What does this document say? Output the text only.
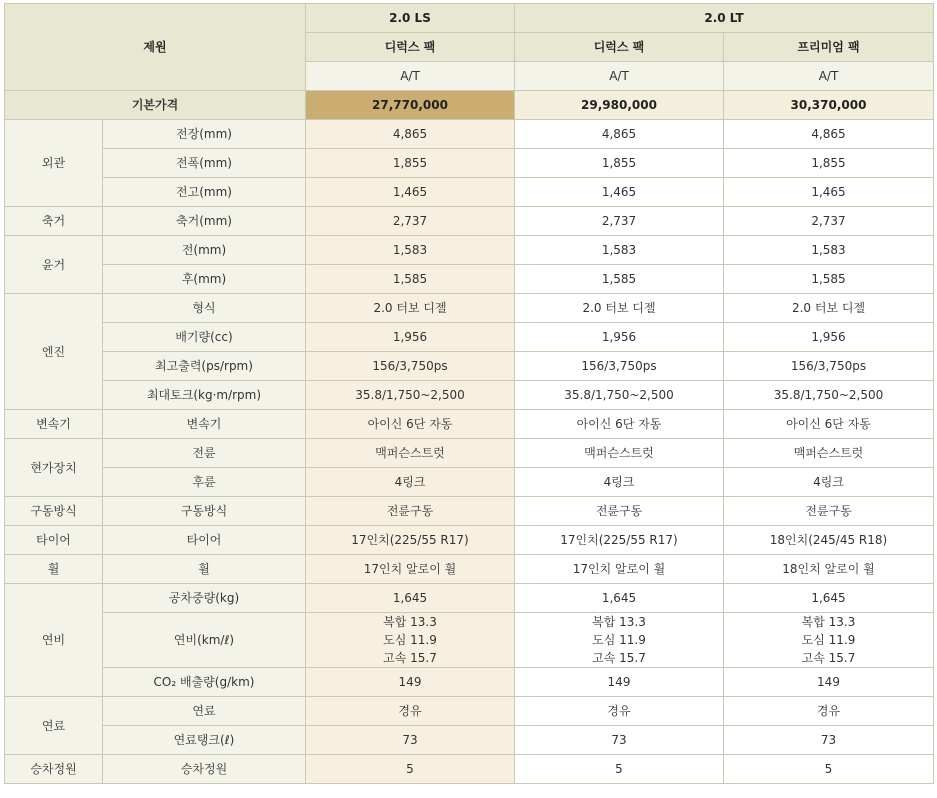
제원		2.0 LS	2.0 LT	
		디럭스 팩	디럭스 팩	프리미엄 팩
		A/T	A/T	A/T
기본가격		27,770,000	29,980,000	30,370,000
외관	전장(mm)	4,865	4,865	4,865
	전폭(mm)	1,855	1,855	1,855
	전고(mm)	1,465	1,465	1,465
축거	축거(mm)	2,737	2,737	2,737
윤거	전(mm)	1,583	1,583	1,583
	후(mm)	1,585	1,585	1,585
엔진	형식	2.0 터보 디젤	2.0 터보 디젤	2.0 터보 디젤
	배기량(cc)	1,956	1,956	1,956
	최고출력(ps/rpm)	156/3,750ps	156/3,750ps	156/3,750ps
	최대토크(kg·m/rpm)	35.8/1,750~2,500	35.8/1,750~2,500	35.8/1,750~2,500
변속기	변속기	아이신 6단 자동	아이신 6단 자동	아이신 6단 자동
현가장치	전륜	맥퍼슨스트럿	맥퍼슨스트럿	맥퍼슨스트럿
	후륜	4링크	4링크	4링크
구동방식	구동방식	전륜구동	전륜구동	전륜구동
타이어	타이어	17인치(225/55 R17)	17인치(225/55 R17)	18인치(245/45 R18)
휠	휠	17인치 알로이 휠	17인치 알로이 휠	18인치 알로이 휠
연비	공차중량(kg)	1,645	1,645	1,645
	연비(km/ℓ)	복합 13.3
도심 11.9
고속 15.7	복합 13.3
도심 11.9
고속 15.7	복합 13.3
도심 11.9
고속 15.7

	CO₂ 배출량(g/km)	149	149	149
연료	연료	경유	경유	경유
	연료탱크(ℓ)	73	73	73
승차정원	승차정원	5	5	5
